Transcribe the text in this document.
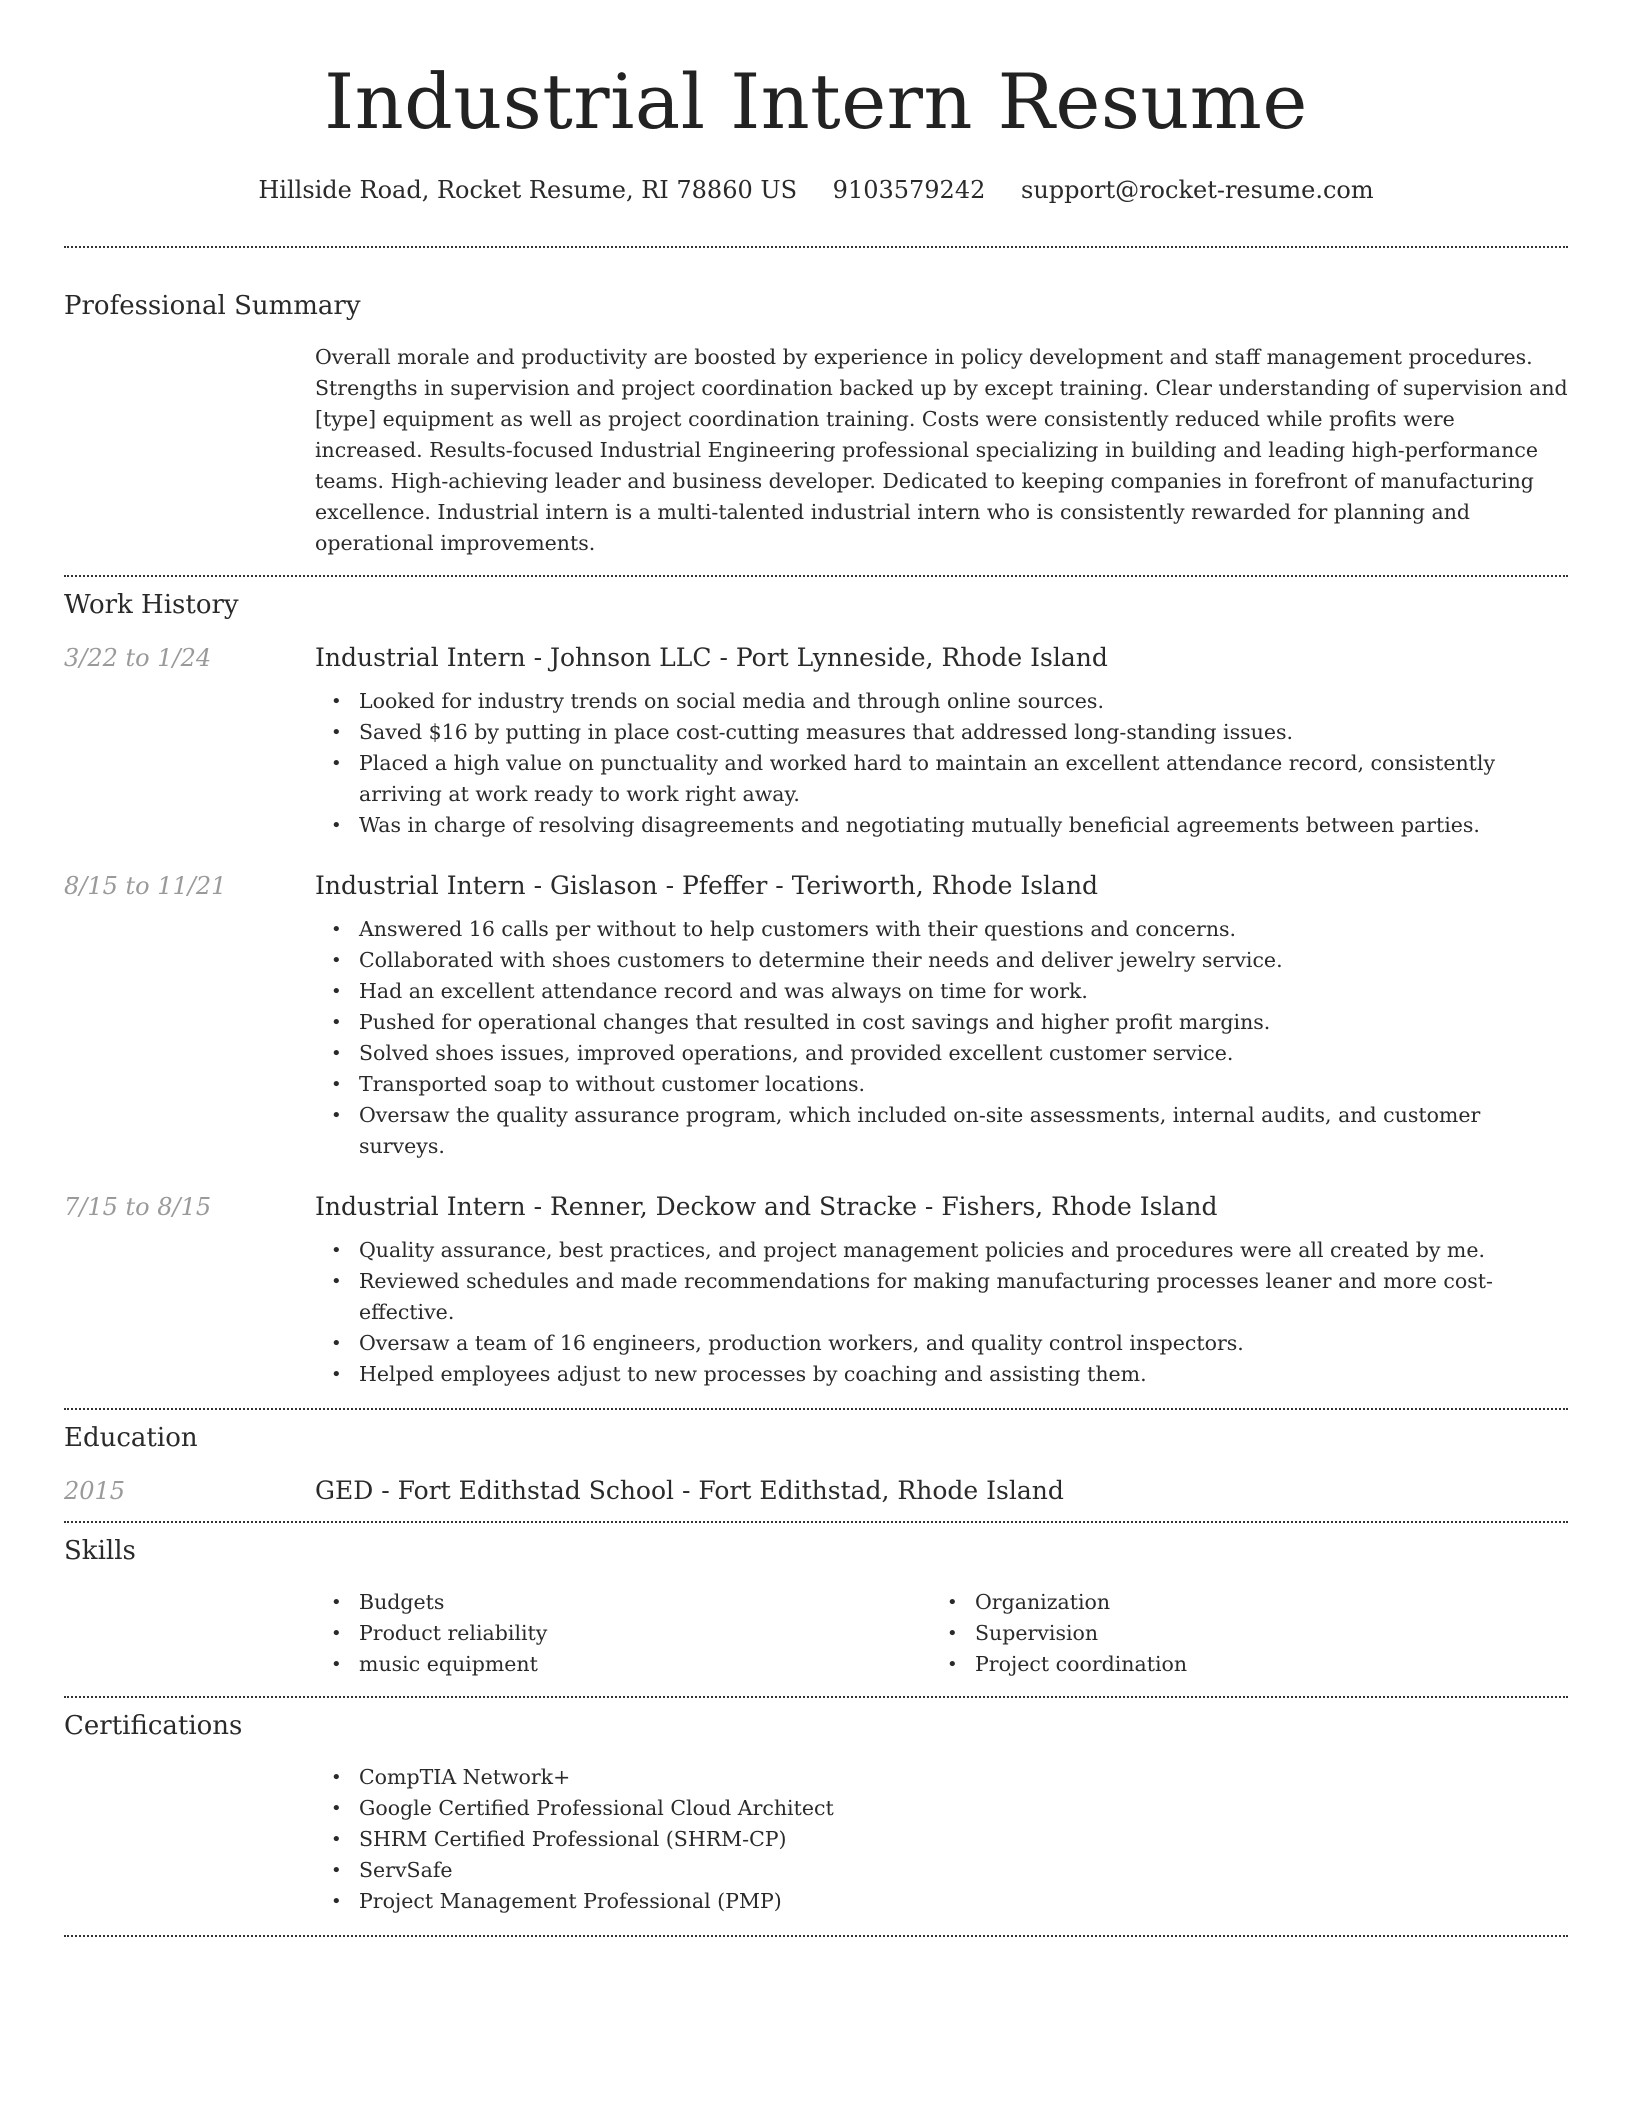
Industrial Intern Resume
Hillside Road, Rocket Resume, RI 78860 US 9103579242 support@rocket-resume.com
Professional Summary

Overall morale and productivity are boosted by experience in policy development and staff management procedures. Strengths in supervision and project coordination backed up by except training. Clear understanding of supervision and [type] equipment as well as project coordination training. Costs were consistently reduced while profits were increased. Results-focused Industrial Engineering professional specializing in building and leading high-performance teams. High-achieving leader and business developer. Dedicated to keeping companies in forefront of manufacturing excellence. Industrial intern is a multi-talented industrial intern who is consistently rewarded for planning and operational improvements.

Work History
3/22 to 1/24	Industrial Intern - Johnson LLC - Port Lynneside, Rhode Island
• Looked for industry trends on social media and through online sources.
• Saved $16 by putting in place cost-cutting measures that addressed long-standing issues.
• Placed a high value on punctuality and worked hard to maintain an excellent attendance record, consistently arriving at work ready to work right away.
• Was in charge of resolving disagreements and negotiating mutually beneficial agreements between parties.
8/15 to 11/21	Industrial Intern - Gislason - Pfeffer - Teriworth, Rhode Island
• Answered 16 calls per without to help customers with their questions and concerns.
• Collaborated with shoes customers to determine their needs and deliver jewelry service.
• Had an excellent attendance record and was always on time for work.
• Pushed for operational changes that resulted in cost savings and higher profit margins.
• Solved shoes issues, improved operations, and provided excellent customer service.
• Transported soap to without customer locations.
• Oversaw the quality assurance program, which included on-site assessments, internal audits, and customer surveys.
7/15 to 8/15	Industrial Intern - Renner, Deckow and Stracke - Fishers, Rhode Island
• Quality assurance, best practices, and project management policies and procedures were all created by me.
• Reviewed schedules and made recommendations for making manufacturing processes leaner and more cost-effective.
• Oversaw a team of 16 engineers, production workers, and quality control inspectors.
• Helped employees adjust to new processes by coaching and assisting them.
Education
2015	GED - Fort Edithstad School - Fort Edithstad, Rhode Island
Skills
• Budgets
• Product reliability
• music equipment
• Organization
• Supervision
• Project coordination
Certifications
• CompTIA Network+
• Google Certified Professional Cloud Architect
• SHRM Certified Professional (SHRM-CP)
• ServSafe
• Project Management Professional (PMP)
